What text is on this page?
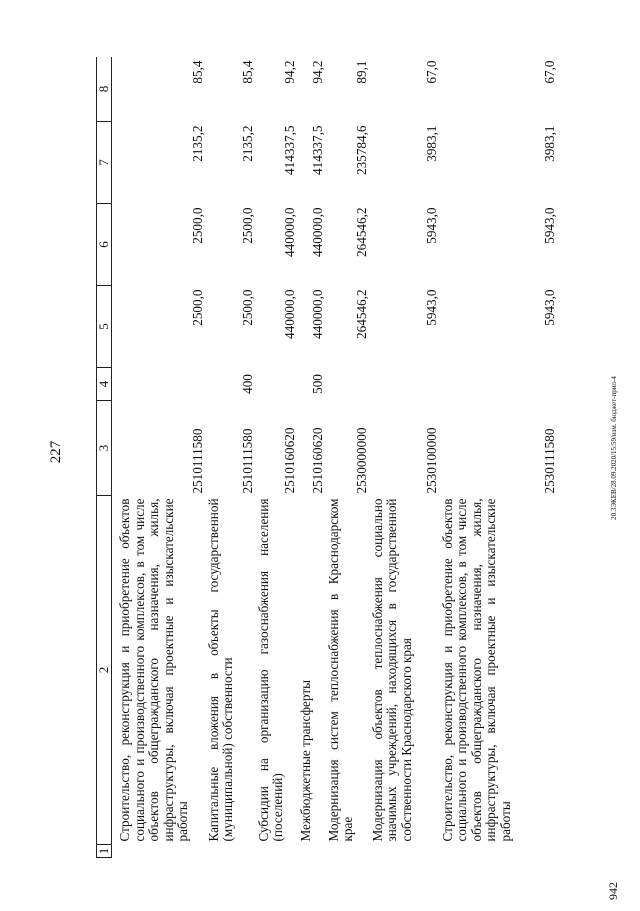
227	20.3ЭКЕВ/28.09.2020/15:59/изм. бюджет-прил-4
942
1	2	3	4	5	6	7	8
	Строительство, реконструкция и приобретение объектов социального и производственного комплексов, в том числе объектов общегражданского назначения, жилья, инфраструктуры, включая проектные и изыскательские работы	2510111580		2500,0	2500,0	2135,2	85,4
	Капитальные вложения в объекты государственной (муниципальной) собственности	2510111580	400	2500,0	2500,0	2135,2	85,4
	Субсидии на организацию газоснабжения населения (поселений)	2510160620		440000,0	440000,0	414337,5	94,2
	Межбюджетные трансферты	2510160620	500	440000,0	440000,0	414337,5	94,2
	Модернизация систем теплоснабжения в Краснодарском крае	2530000000		264546,2	264546,2	235784,6	89,1
	Модернизация объектов теплоснабжения социально значимых учреждений, находящихся в государственной собственности Краснодарского края	2530100000		5943,0	5943,0	3983,1	67,0
	Строительство, реконструкция и приобретение объектов социального и производственного комплексов, в том числе объектов общегражданского назначения, жилья, инфраструктуры, включая проектные и изыскательские работы	2530111580		5943,0	5943,0	3983,1	67,0
